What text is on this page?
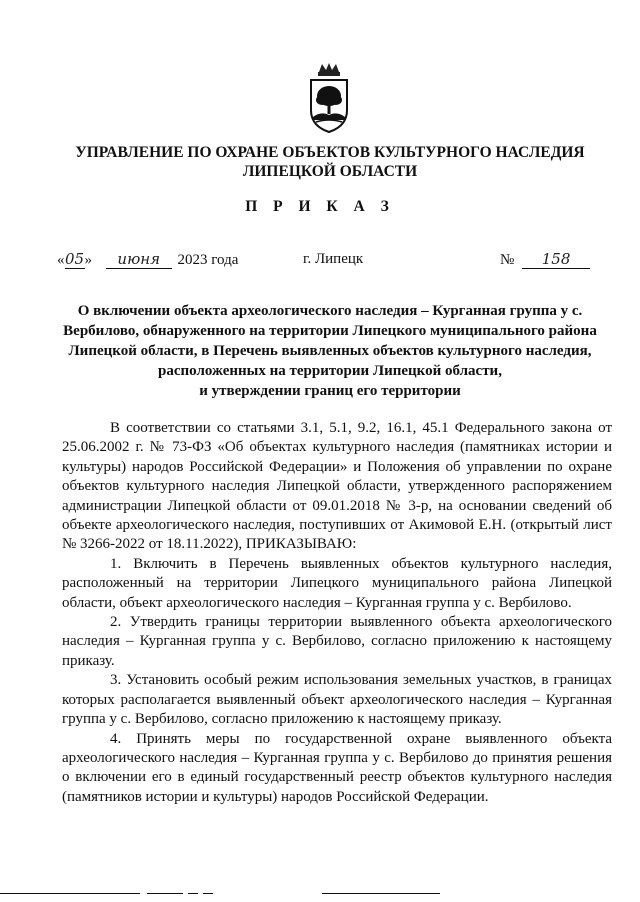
УПРАВЛЕНИЕ ПО ОХРАНЕ ОБЪЕКТОВ КУЛЬТУРНОГО НАСЛЕДИЯ
ЛИПЕЦКОЙ ОБЛАСТИ
П Р И К А З
«05» июня 2023 года	г. Липецк	№ 158
О включении объекта археологического наследия – Курганная группа у с.
Вербилово, обнаруженного на территории Липецкого муниципального района
Липецкой области, в Перечень выявленных объектов культурного наследия,
расположенных на территории Липецкой области,
и утверждении границ его территории

В соответствии со статьями 3.1, 5.1, 9.2, 16.1, 45.1 Федерального закона от 25.06.2002 г. № 73-ФЗ «Об объектах культурного наследия (памятниках истории и культуры) народов Российской Федерации» и Положения об управлении по охране объектов культурного наследия Липецкой области, утвержденного распоряжением администрации Липецкой области от 09.01.2018 № 3-р, на основании сведений об объекте археологического наследия, поступивших от Акимовой Е.Н. (открытый лист № 3266-2022 от 18.11.2022), ПРИКАЗЫВАЮ:

1. Включить в Перечень выявленных объектов культурного наследия, расположенный на территории Липецкого муниципального района Липецкой области, объект археологического наследия – Курганная группа у с. Вербилово.

2. Утвердить границы территории выявленного объекта археологического наследия – Курганная группа у с. Вербилово, согласно приложению к настоящему приказу.

3. Установить особый режим использования земельных участков, в границах которых располагается выявленный объект археологического наследия – Курганная группа у с. Вербилово, согласно приложению к настоящему приказу.

4. Принять меры по государственной охране выявленного объекта археологического наследия – Курганная группа у с. Вербилово до принятия решения о включении его в единый государственный реестр объектов культурного наследия (памятников истории и культуры) народов Российской Федерации.
